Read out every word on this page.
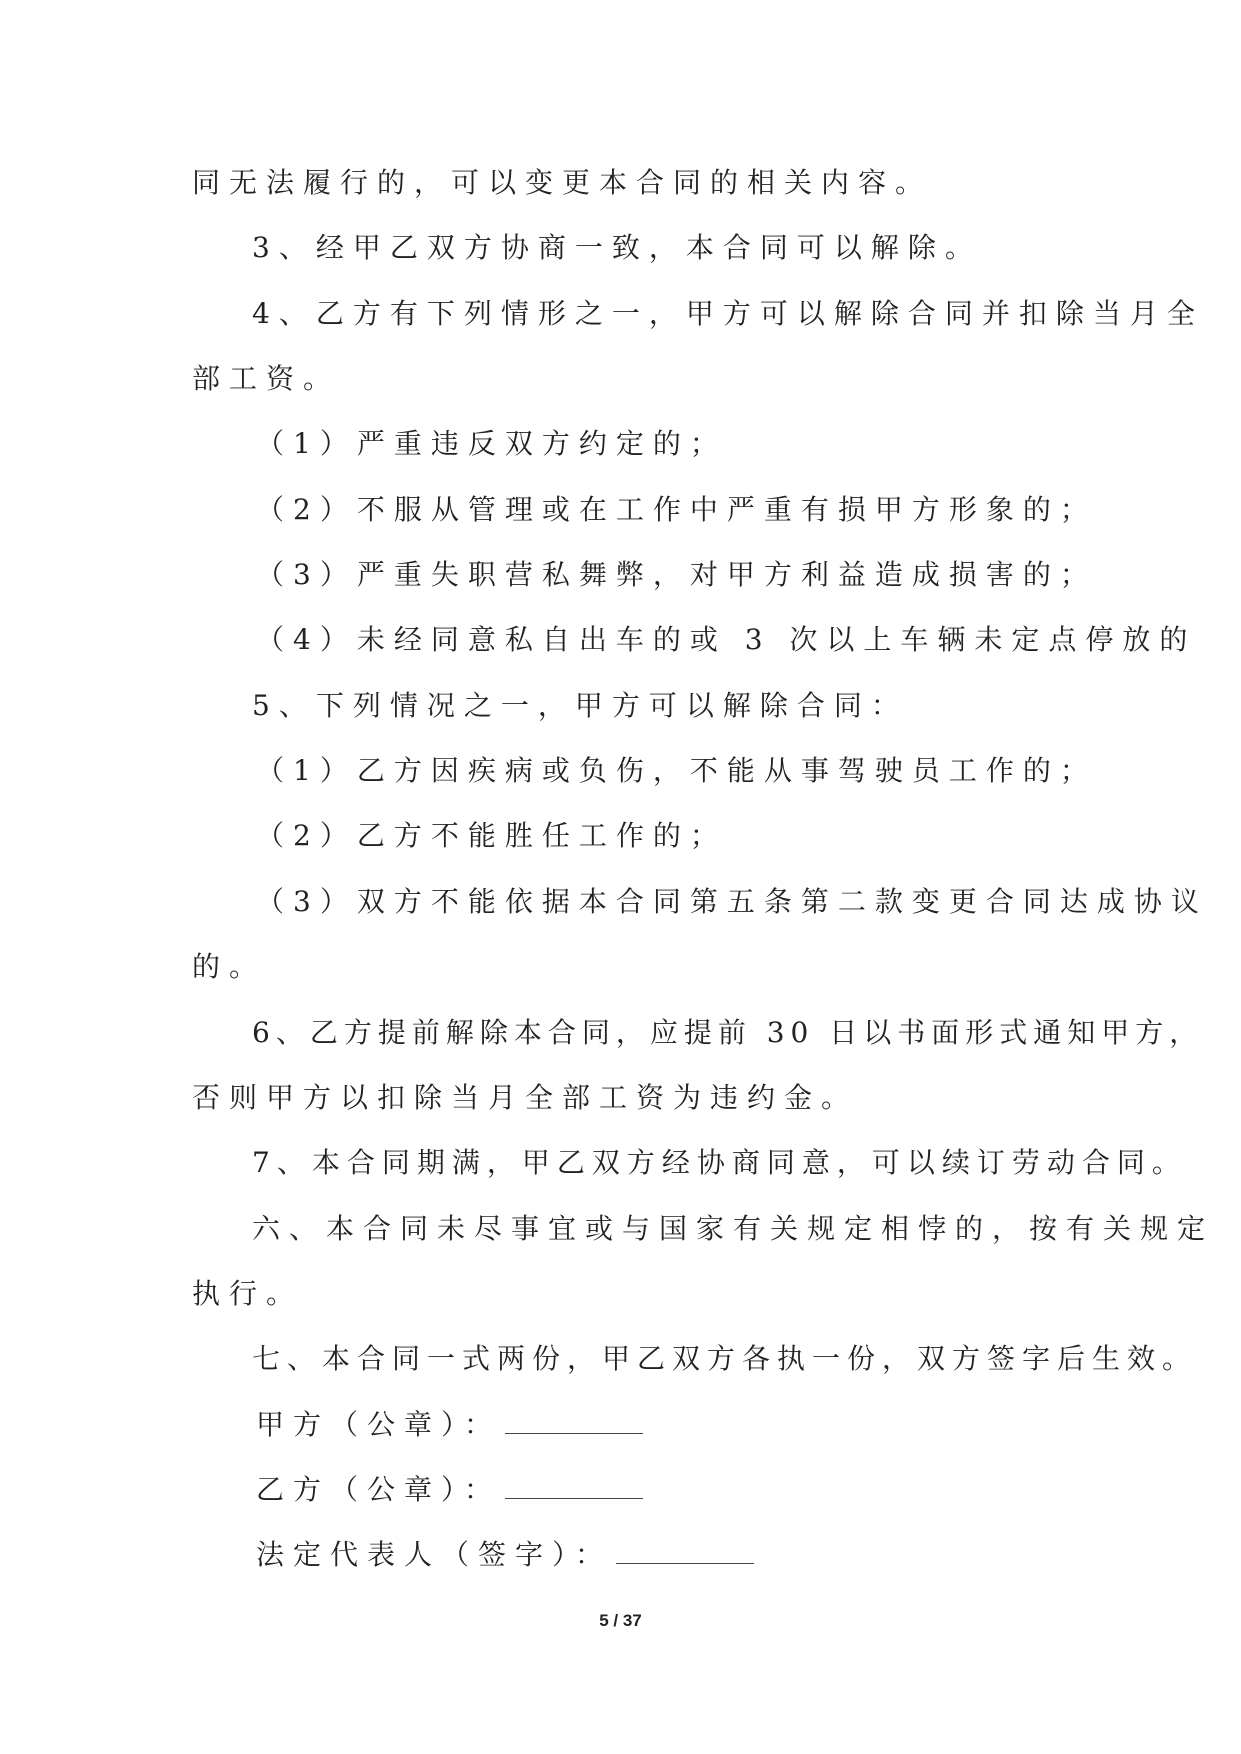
同无法履行的，可以变更本合同的相关内容。
3、经甲乙双方协商一致，本合同可以解除。
4、乙方有下列情形之一，甲方可以解除合同并扣除当月全
部工资。
（1）严重违反双方约定的；
（2）不服从管理或在工作中严重有损甲方形象的；
（3）严重失职营私舞弊，对甲方利益造成损害的；
（4）未经同意私自出车的或 3 次以上车辆未定点停放的
5、下列情况之一，甲方可以解除合同：
（1）乙方因疾病或负伤，不能从事驾驶员工作的；
（2）乙方不能胜任工作的；
（3）双方不能依据本合同第五条第二款变更合同达成协议
的。
6、乙方提前解除本合同，应提前 30 日以书面形式通知甲方，
否则甲方以扣除当月全部工资为违约金。
7、本合同期满，甲乙双方经协商同意，可以续订劳动合同。
六、本合同未尽事宜或与国家有关规定相悖的，按有关规定
执行。
七、本合同一式两份，甲乙双方各执一份，双方签字后生效。
甲方（公章）：
乙方（公章）：
法定代表人（签字）：
5 / 37
